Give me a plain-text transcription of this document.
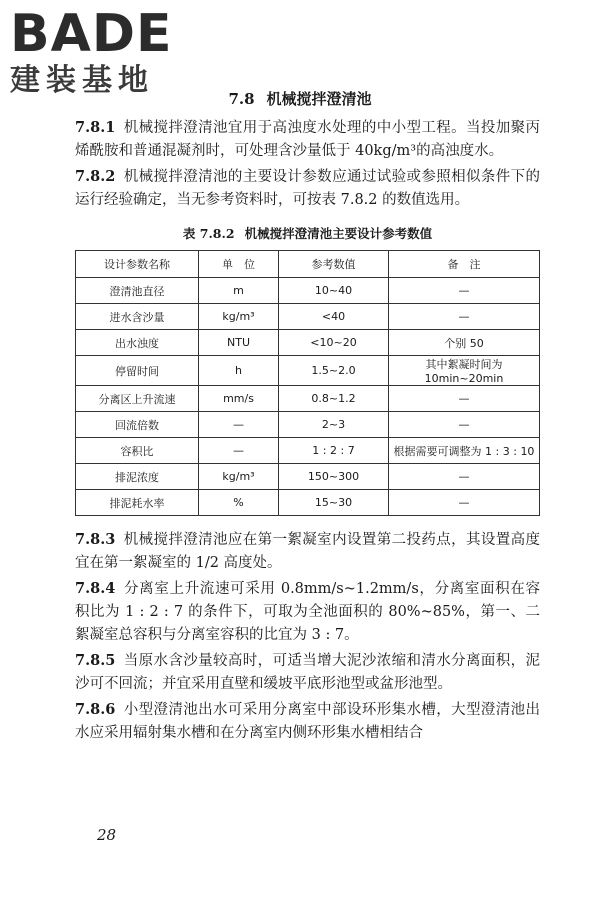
BADE
建装基地
7.8 机械搅拌澄清池

7.8.1 机械搅拌澄清池宜用于高浊度水处理的中小型工程。当投加聚丙烯酰胺和普通混凝剂时，可处理含沙量低于 40kg/m³的高浊度水。

7.8.2 机械搅拌澄清池的主要设计参数应通过试验或参照相似条件下的运行经验确定，当无参考资料时，可按表 7.8.2 的数值选用。

表 7.8.2 机械搅拌澄清池主要设计参考数值
设计参数名称	单　位	参考数值	备　注
澄清池直径	m	10~40	—
进水含沙量	kg/m³	<40	—
出水浊度	NTU	<10~20	个别 50
停留时间	h	1.5~2.0	其中絮凝时间为 10min~20min
分离区上升流速	mm/s	0.8~1.2	—
回流倍数	—	2~3	—
容积比	—	1 : 2 : 7	根据需要可调整为 1 : 3 : 10
排泥浓度	kg/m³	150~300	—
排泥耗水率	%	15~30	—

7.8.3 机械搅拌澄清池应在第一絮凝室内设置第二投药点，其设置高度宜在第一絮凝室的 1/2 高度处。

7.8.4 分离室上升流速可采用 0.8mm/s~1.2mm/s，分离室面积在容积比为 1 : 2 : 7 的条件下，可取为全池面积的 80%~85%，第一、二絮凝室总容积与分离室容积的比宜为 3 : 7。

7.8.5 当原水含沙量较高时，可适当增大泥沙浓缩和清水分离面积，泥沙可不回流；并宜采用直壁和缓坡平底形池型或盆形池型。

7.8.6 小型澄清池出水可采用分离室中部设环形集水槽，大型澄清池出水应采用辐射集水槽和在分离室内侧环形集水槽相结合

28
